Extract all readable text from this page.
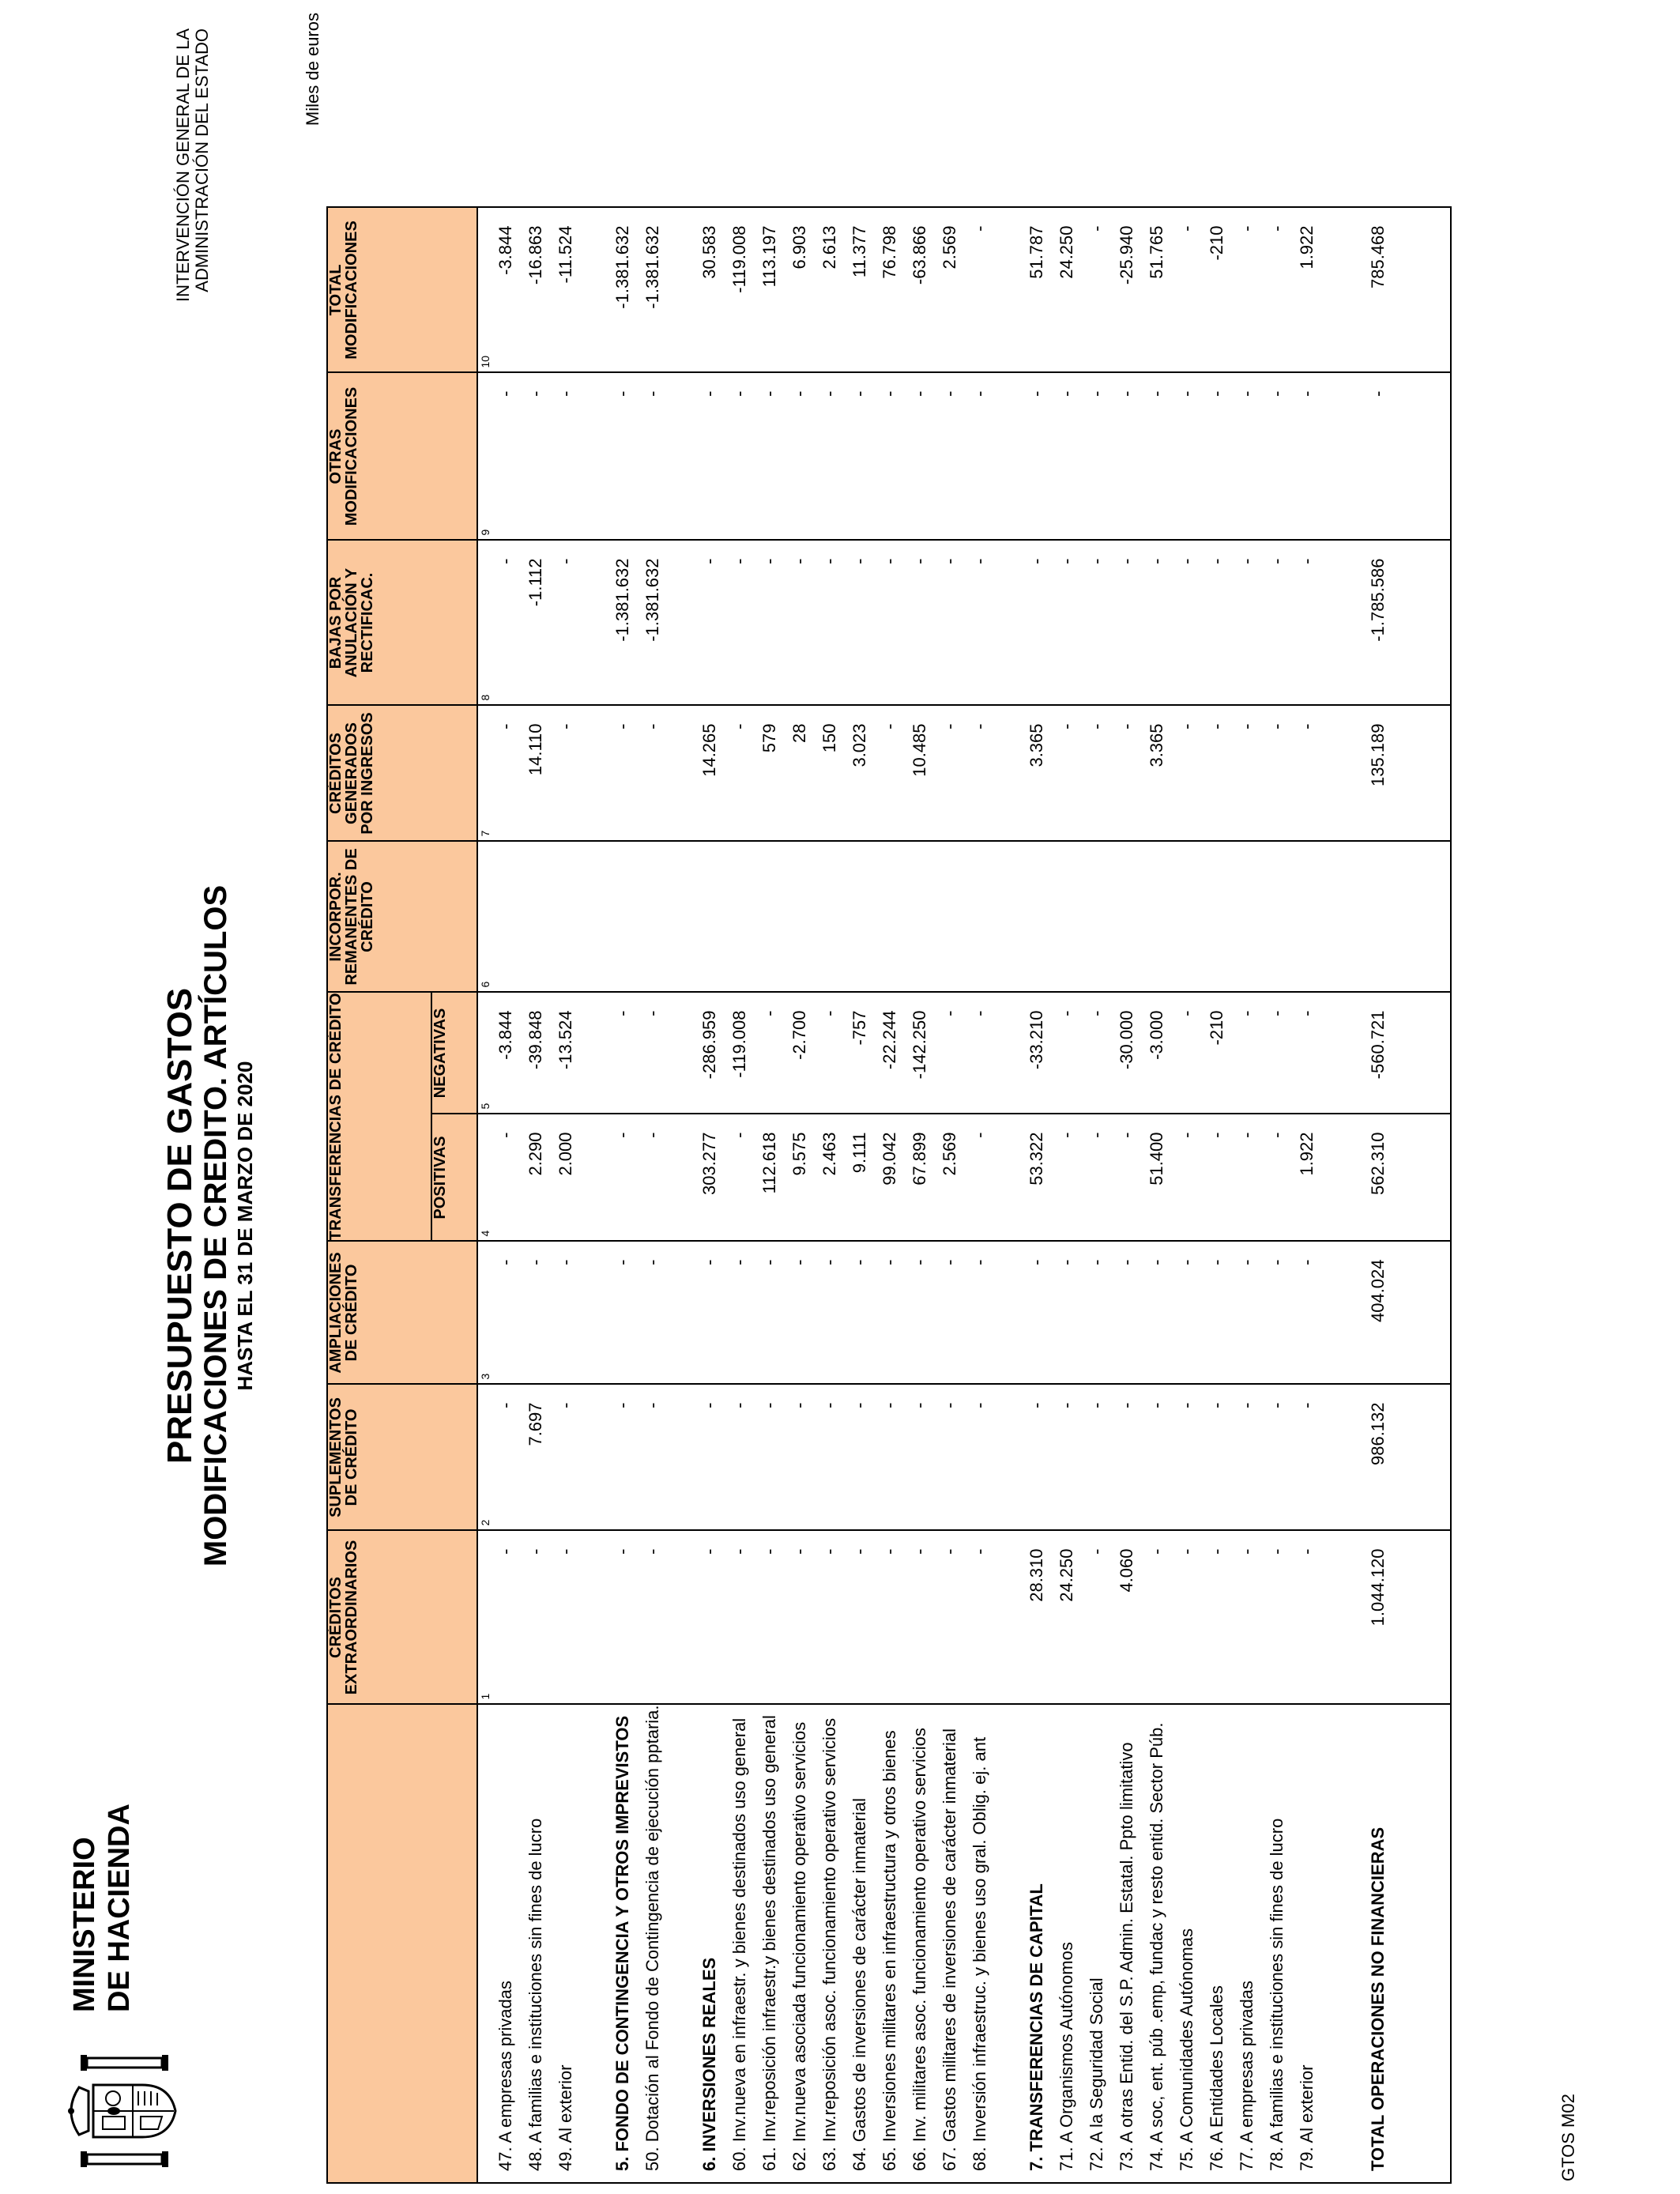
MINISTERIO DE HACIENDA
PRESUPUESTO DE GASTOS MODIFICACIONES DE CREDITO. ARTÍCULOS HASTA EL 31 DE MARZO DE 2020
INTERVENCIÓN GENERAL DE LA ADMINISTRACIÓN DEL ESTADO	Miles de euros
	CRÉDITOS EXTRAORDINARIOS	SUPLEMENTOS DE CRÉDITO	AMPLIACIONES DE CRÉDITO	TRANSFERENCIAS DE CRÉDITO		INCORPOR. REMANENTES DE CRÉDITO	CRÉDITOS GENERADOS POR INGRESOS	BAJAS POR ANULACIÓN Y RECTIFICAC.	OTRAS MODIFICACIONES	TOTAL MODIFICACIONES
				POSITIVAS	NEGATIVAS					
	1	2	3	4	5	6	7	8	9	10
47. A empresas privadas	-	-	-	-	-3.844		-	-	-	-3.844
48. A familias e instituciones sin fines de lucro	-	7.697	-	2.290	-39.848		14.110	-1.112	-	-16.863
49. Al exterior	-	-	-	2.000	-13.524		-	-	-	-11.524

5. FONDO DE CONTINGENCIA Y OTROS IMPREVISTOS	-	-	-	-	-		-	-1.381.632	-	-1.381.632
50. Dotación al Fondo de Contingencia de ejecución pptaria.	-	-	-	-	-		-	-1.381.632	-	-1.381.632

6. INVERSIONES REALES	-	-	-	303.277	-286.959		14.265	-	-	30.583
60. Inv.nueva en infraestr. y bienes destinados uso general	-	-	-	-	-119.008		-	-	-	-119.008
61. Inv.reposición infraestr.y bienes destinados uso general	-	-	-	112.618	-		579	-	-	113.197
62. Inv.nueva asociada funcionamiento operativo servicios	-	-	-	9.575	-2.700		28	-	-	6.903
63. Inv.reposición asoc. funcionamiento operativo servicios	-	-	-	2.463	-		150	-	-	2.613
64. Gastos de inversiones de carácter inmaterial	-	-	-	9.111	-757		3.023	-	-	11.377
65. Inversiones militares en infraestructura y otros bienes	-	-	-	99.042	-22.244		-	-	-	76.798
66. Inv. militares asoc. funcionamiento operativo servicios	-	-	-	67.899	-142.250		10.485	-	-	-63.866
67. Gastos militares de inversiones de carácter inmaterial	-	-	-	2.569	-		-	-	-	2.569
68. Inversión infraestruc. y bienes uso gral. Oblig. ej. ant	-	-	-	-	-		-	-	-	-

7. TRANSFERENCIAS DE CAPITAL	28.310	-	-	53.322	-33.210		3.365	-	-	51.787
71. A Organismos Autónomos	24.250	-	-	-	-		-	-	-	24.250
72. A la Seguridad Social	-	-	-	-	-		-	-	-	-
73. A otras Entid. del S.P. Admin. Estatal. Ppto limitativo	4.060	-	-	-	-30.000		-	-	-	-25.940
74. A soc, ent. púb .emp, fundac y resto entid. Sector Púb.	-	-	-	51.400	-3.000		3.365	-	-	51.765
75. A Comunidades Autónomas	-	-	-	-	-		-	-	-	-
76. A Entidades Locales	-	-	-	-	-210		-	-	-	-210
77. A empresas privadas	-	-	-	-	-		-	-	-	-
78. A familias e instituciones sin fines de lucro	-	-	-	-	-		-	-	-	-
79. Al exterior	-	-	-	1.922	-		-	-	-	1.922

TOTAL OPERACIONES NO FINANCIERAS	1.044.120	986.132	404.024	562.310	-560.721		135.189	-1.785.586	-	785.468

GTOS M02
